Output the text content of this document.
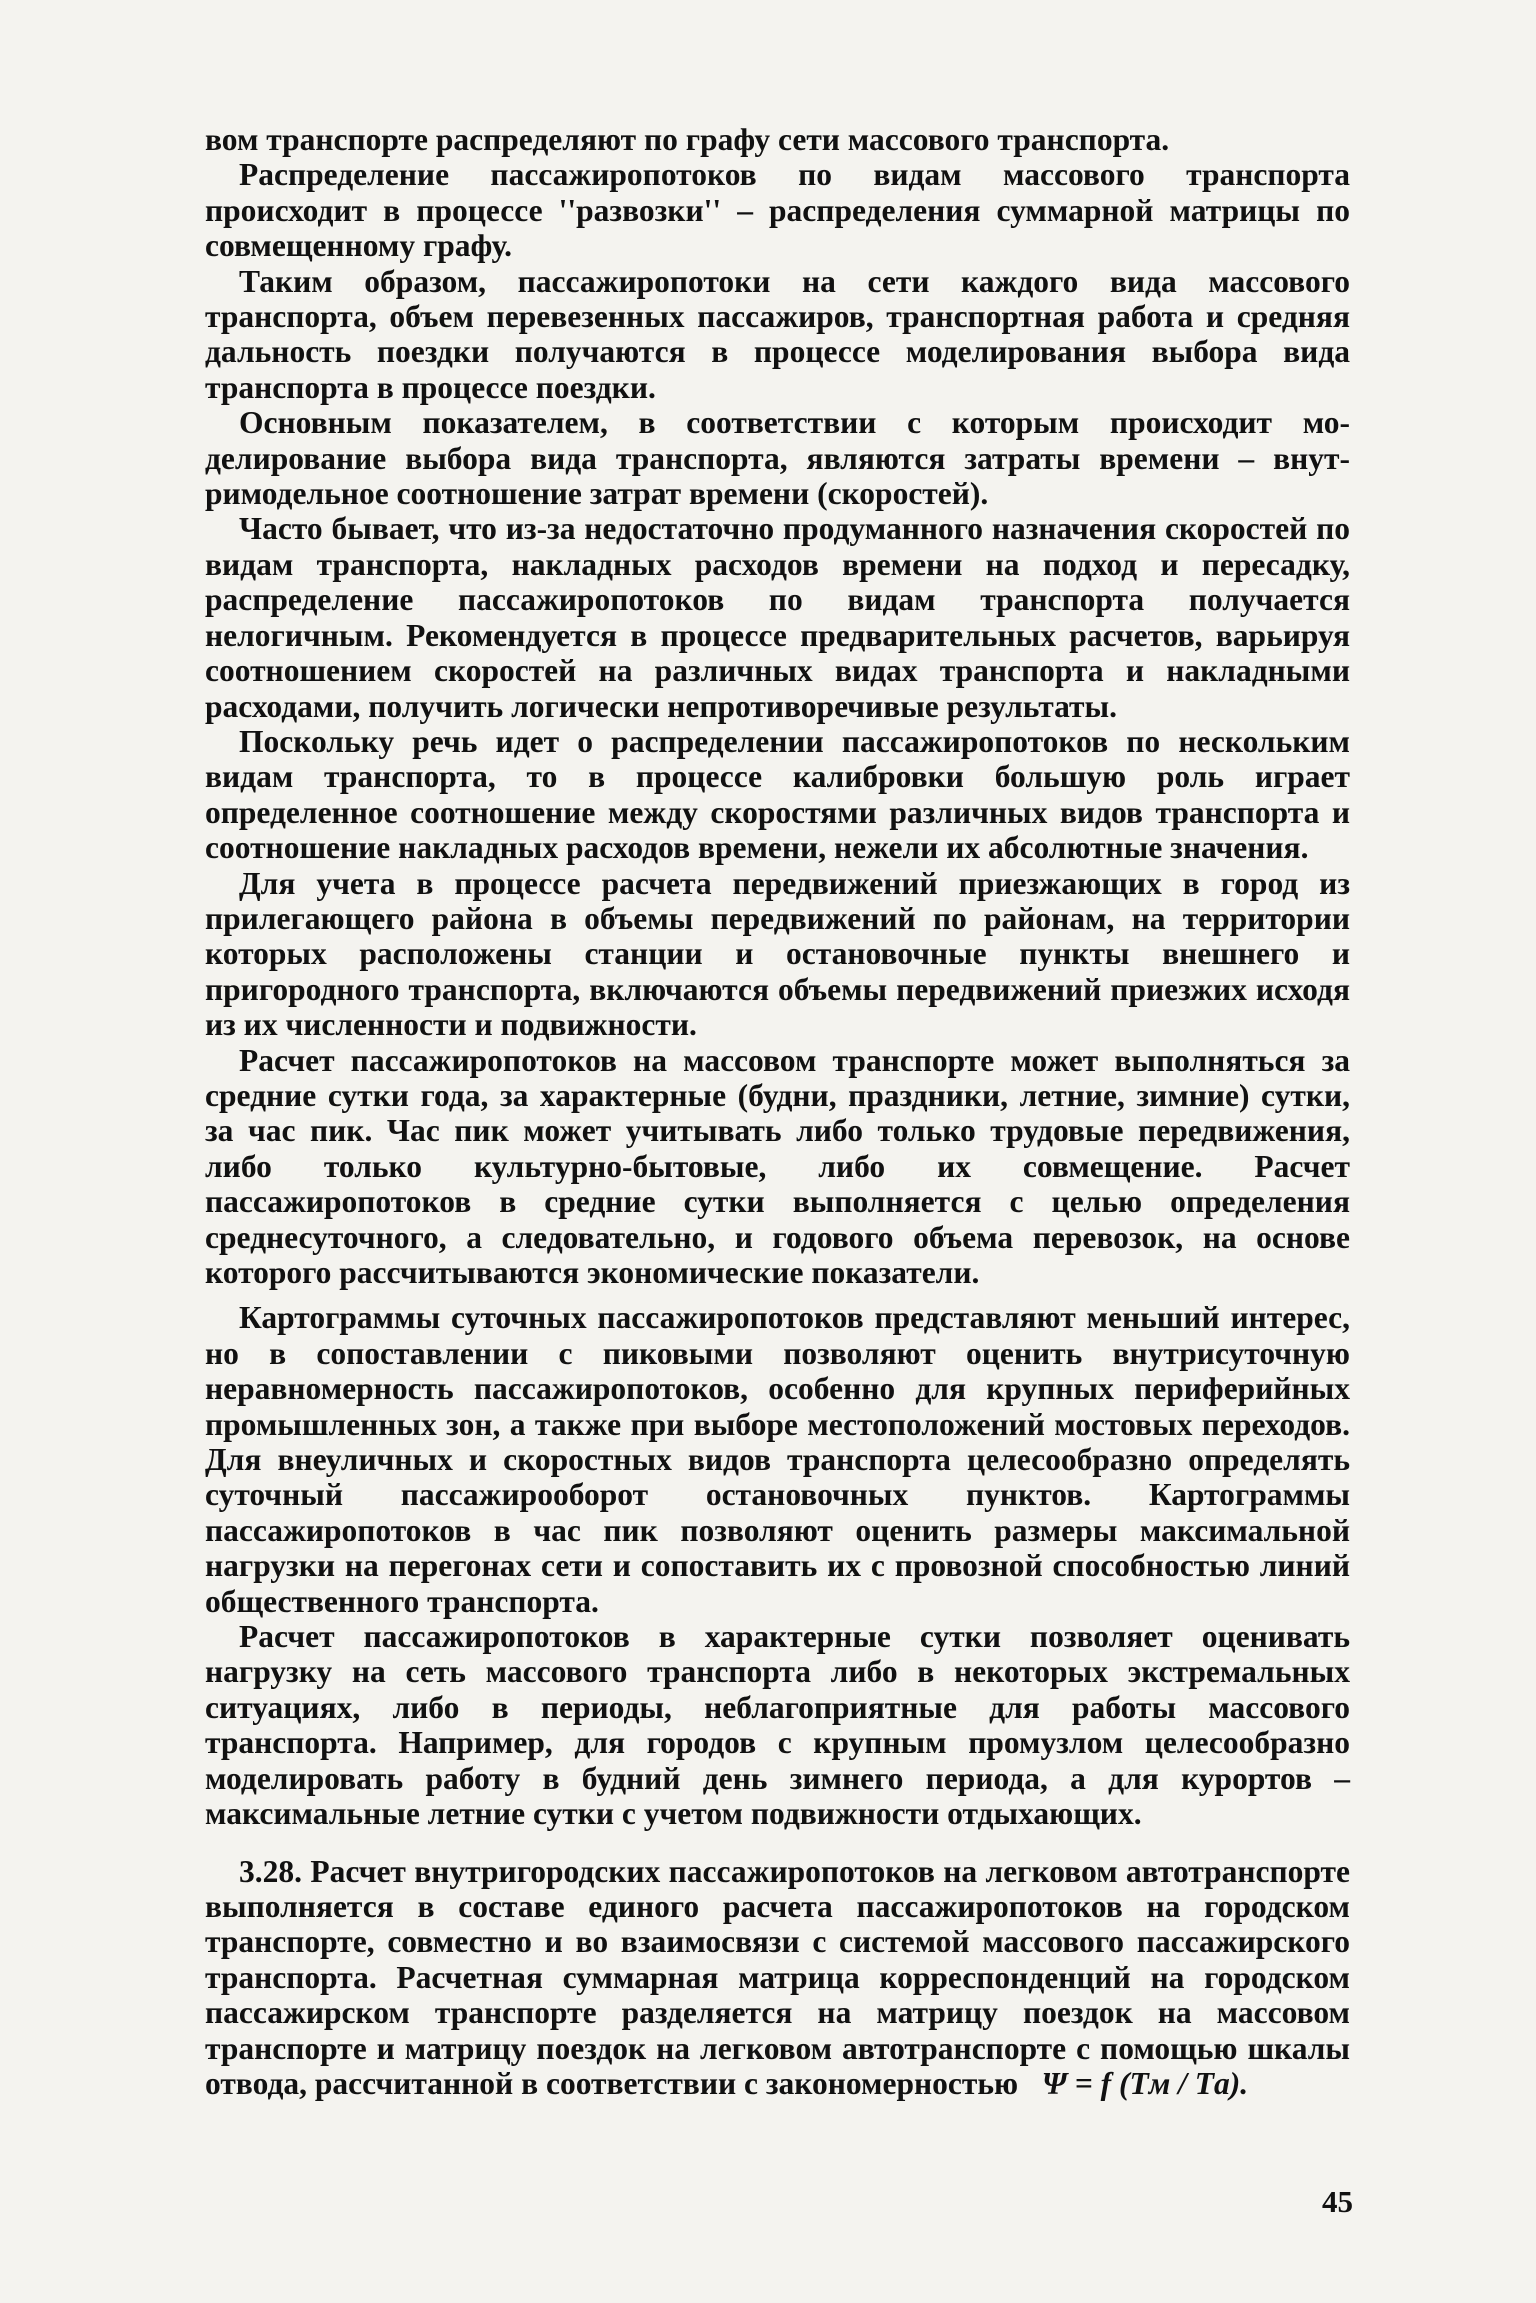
вом транспорте распределяют по графу сети массового транспорта.

Распределение пассажиропотоков по видам массового транспорта происходит в процессе ''развозки'' – распределения суммарной матрицы по совмещенному графу.

Таким образом, пассажиропотоки на сети каждого вида массового транспорта, объем перевезенных пассажиров, транспортная работа и средняя дальность поездки получаются в процессе моделирования выбора вида транспорта в процессе поездки.

Основным показателем, в соответствии с которым происходит моделирование выбора вида транспорта, являются затраты времени – внутримодельное соотношение затрат времени (скоростей).

Часто бывает, что из-за недостаточно продуманного назначения скоростей по видам транспорта, накладных расходов времени на подход и пересадку, распределение пассажиропотоков по видам транспорта получается нелогичным. Рекомендуется в процессе предварительных расчетов, варьируя соотношением скоростей на различных видах транспорта и накладными расходами, получить логически непротиворечивые результаты.

Поскольку речь идет о распределении пассажиропотоков по нескольким видам транспорта, то в процессе калибровки большую роль играет определенное соотношение между скоростями различных видов транспорта и соотношение накладных расходов времени, нежели их абсолютные значения.

Для учета в процессе расчета передвижений приезжающих в город из прилегающего района в объемы передвижений по районам, на территории которых расположены станции и остановочные пункты внешнего и пригородного транспорта, включаются объемы передвижений приезжих исходя из их численности и подвижности.

Расчет пассажиропотоков на массовом транспорте может выполняться за средние сутки года, за характерные (будни, праздники, летние, зимние) сутки, за час пик. Час пик может учитывать либо только трудовые передвижения, либо только культурно-бытовые, либо их совмещение. Расчет пассажиропотоков в средние сутки выполняется с целью определения среднесуточного, а следовательно, и годового объема перевозок, на основе которого рассчитываются экономические показатели.

Картограммы суточных пассажиропотоков представляют меньший интерес, но в сопоставлении с пиковыми позволяют оценить внутрисуточную неравномерность пассажиропотоков, особенно для крупных периферийных промышленных зон, а также при выборе местоположений мостовых переходов. Для внеуличных и скоростных видов транспорта целесообразно определять суточный пассажирооборот остановочных пунктов. Картограммы пассажиропотоков в час пик позволяют оценить размеры максимальной нагрузки на перегонах сети и сопоставить их с провозной способностью линий общественного транспорта.

Расчет пассажиропотоков в характерные сутки позволяет оценивать нагрузку на сеть массового транспорта либо в некоторых экстремальных ситуациях, либо в периоды, неблагоприятные для работы массового транспорта. Например, для городов с крупным промузлом целесообразно моделировать работу в будний день зимнего периода, а для курортов – максимальные летние сутки с учетом подвижности отдыхающих.

3.28. Расчет внутригородских пассажиропотоков на легковом автотранспорте выполняется в составе единого расчета пассажиропотоков на городском транспорте, совместно и во взаимосвязи с системой массового пассажирского транспорта. Расчетная суммарная матрица корреспонденций на городском пассажирском транспорте разделяется на матрицу поездок на массовом транспорте и матрицу поездок на легковом автотранспорте с помощью шкалы отвода, рассчитанной в соответствии с закономерностью Ψ = f (Tм / Tа).

45
